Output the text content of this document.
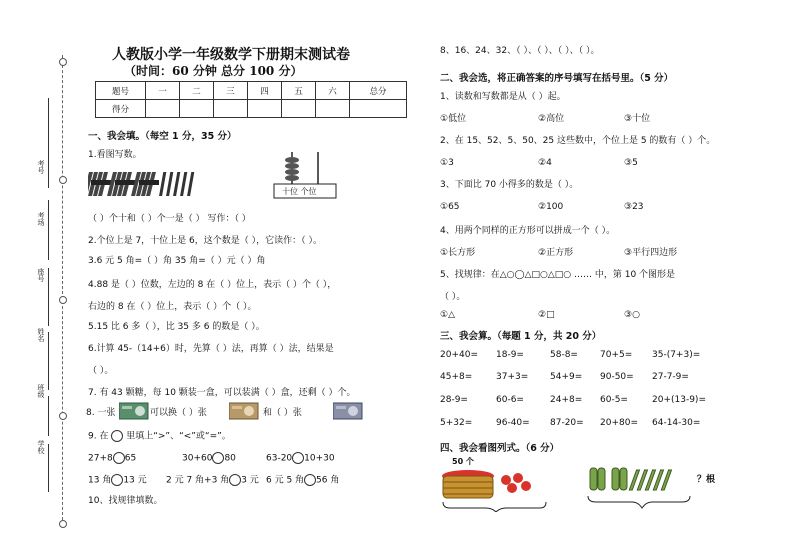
考号
考场
座号
姓名
班级
学校
人教版小学一年级数学下册期末测试卷
（时间：60 分钟 总分 100 分）
题号	一	二	三	四	五	六	总分
得分							
一、我会填。（每空 1 分，35 分）
1.看图写数。
十位 个位
（ ）个十和（ ）个一是（ ） 写作：（ ）
2.个位上是 7，十位上是 6，这个数是（ ），它读作：（ ）。
3.6 元 5 角=（ ）角 35 角=（ ）元（ ）角
4.88 是（ ）位数，左边的 8 在（ ）位上，表示（ ）个（ ），
右边的 8 在（ ）位上，表示（ ）个（ ）。
5.15 比 6 多（ ），比 35 多 6 的数是（ ）。
6.计算 45-（14+6）时，先算（ ）法，再算（ ）法，结果是
（ ）。
7. 有 43 颗糖，每 10 颗装一盒，可以装满（ ）盒，还剩（ ）个。
8. 一张	可以换（ ）张	和（ ）张
9. 在 里填上“>”、“<”或“=”。
27+8 65	30+60 80	63-20 10+30
13 角 13 元 2 元 7 角+3 角 3 元 6 元 5 角 56 角
10、找规律填数。
8、16、24、32、（ ）、（ ）、（ ）、（ ）。
二、我会选，将正确答案的序号填写在括号里。（5 分）
1、读数和写数都是从（ ）起。
①低位	②高位	③十位
2、在 15、52、5、50、25 这些数中，个位上是 5 的数有（ ）个。
①3	②4	③5
3、下面比 70 小得多的数是（ ）。
①65	②100	③23
4、用两个同样的正方形可以拼成一个（ ）。
①长方形	②正方形	③平行四边形
5、找规律：在△○◯△□○△□○ …… 中，第 10 个图形是
（ ）。
①△	②□	③○
三、我会算。（每题 1 分，共 20 分）
20+40= 18-9=	58-8= 70+5= 35-(7+3)=
45+8=	37+3= 54+9= 90-50= 27-7-9=
28-9=	60-6=	24+8= 60-5=	20+(13-9)=
5+32=	96-40= 87-20= 20+80= 64-14-30=
四、我会看图列式。（6 分）
50 个
？根
